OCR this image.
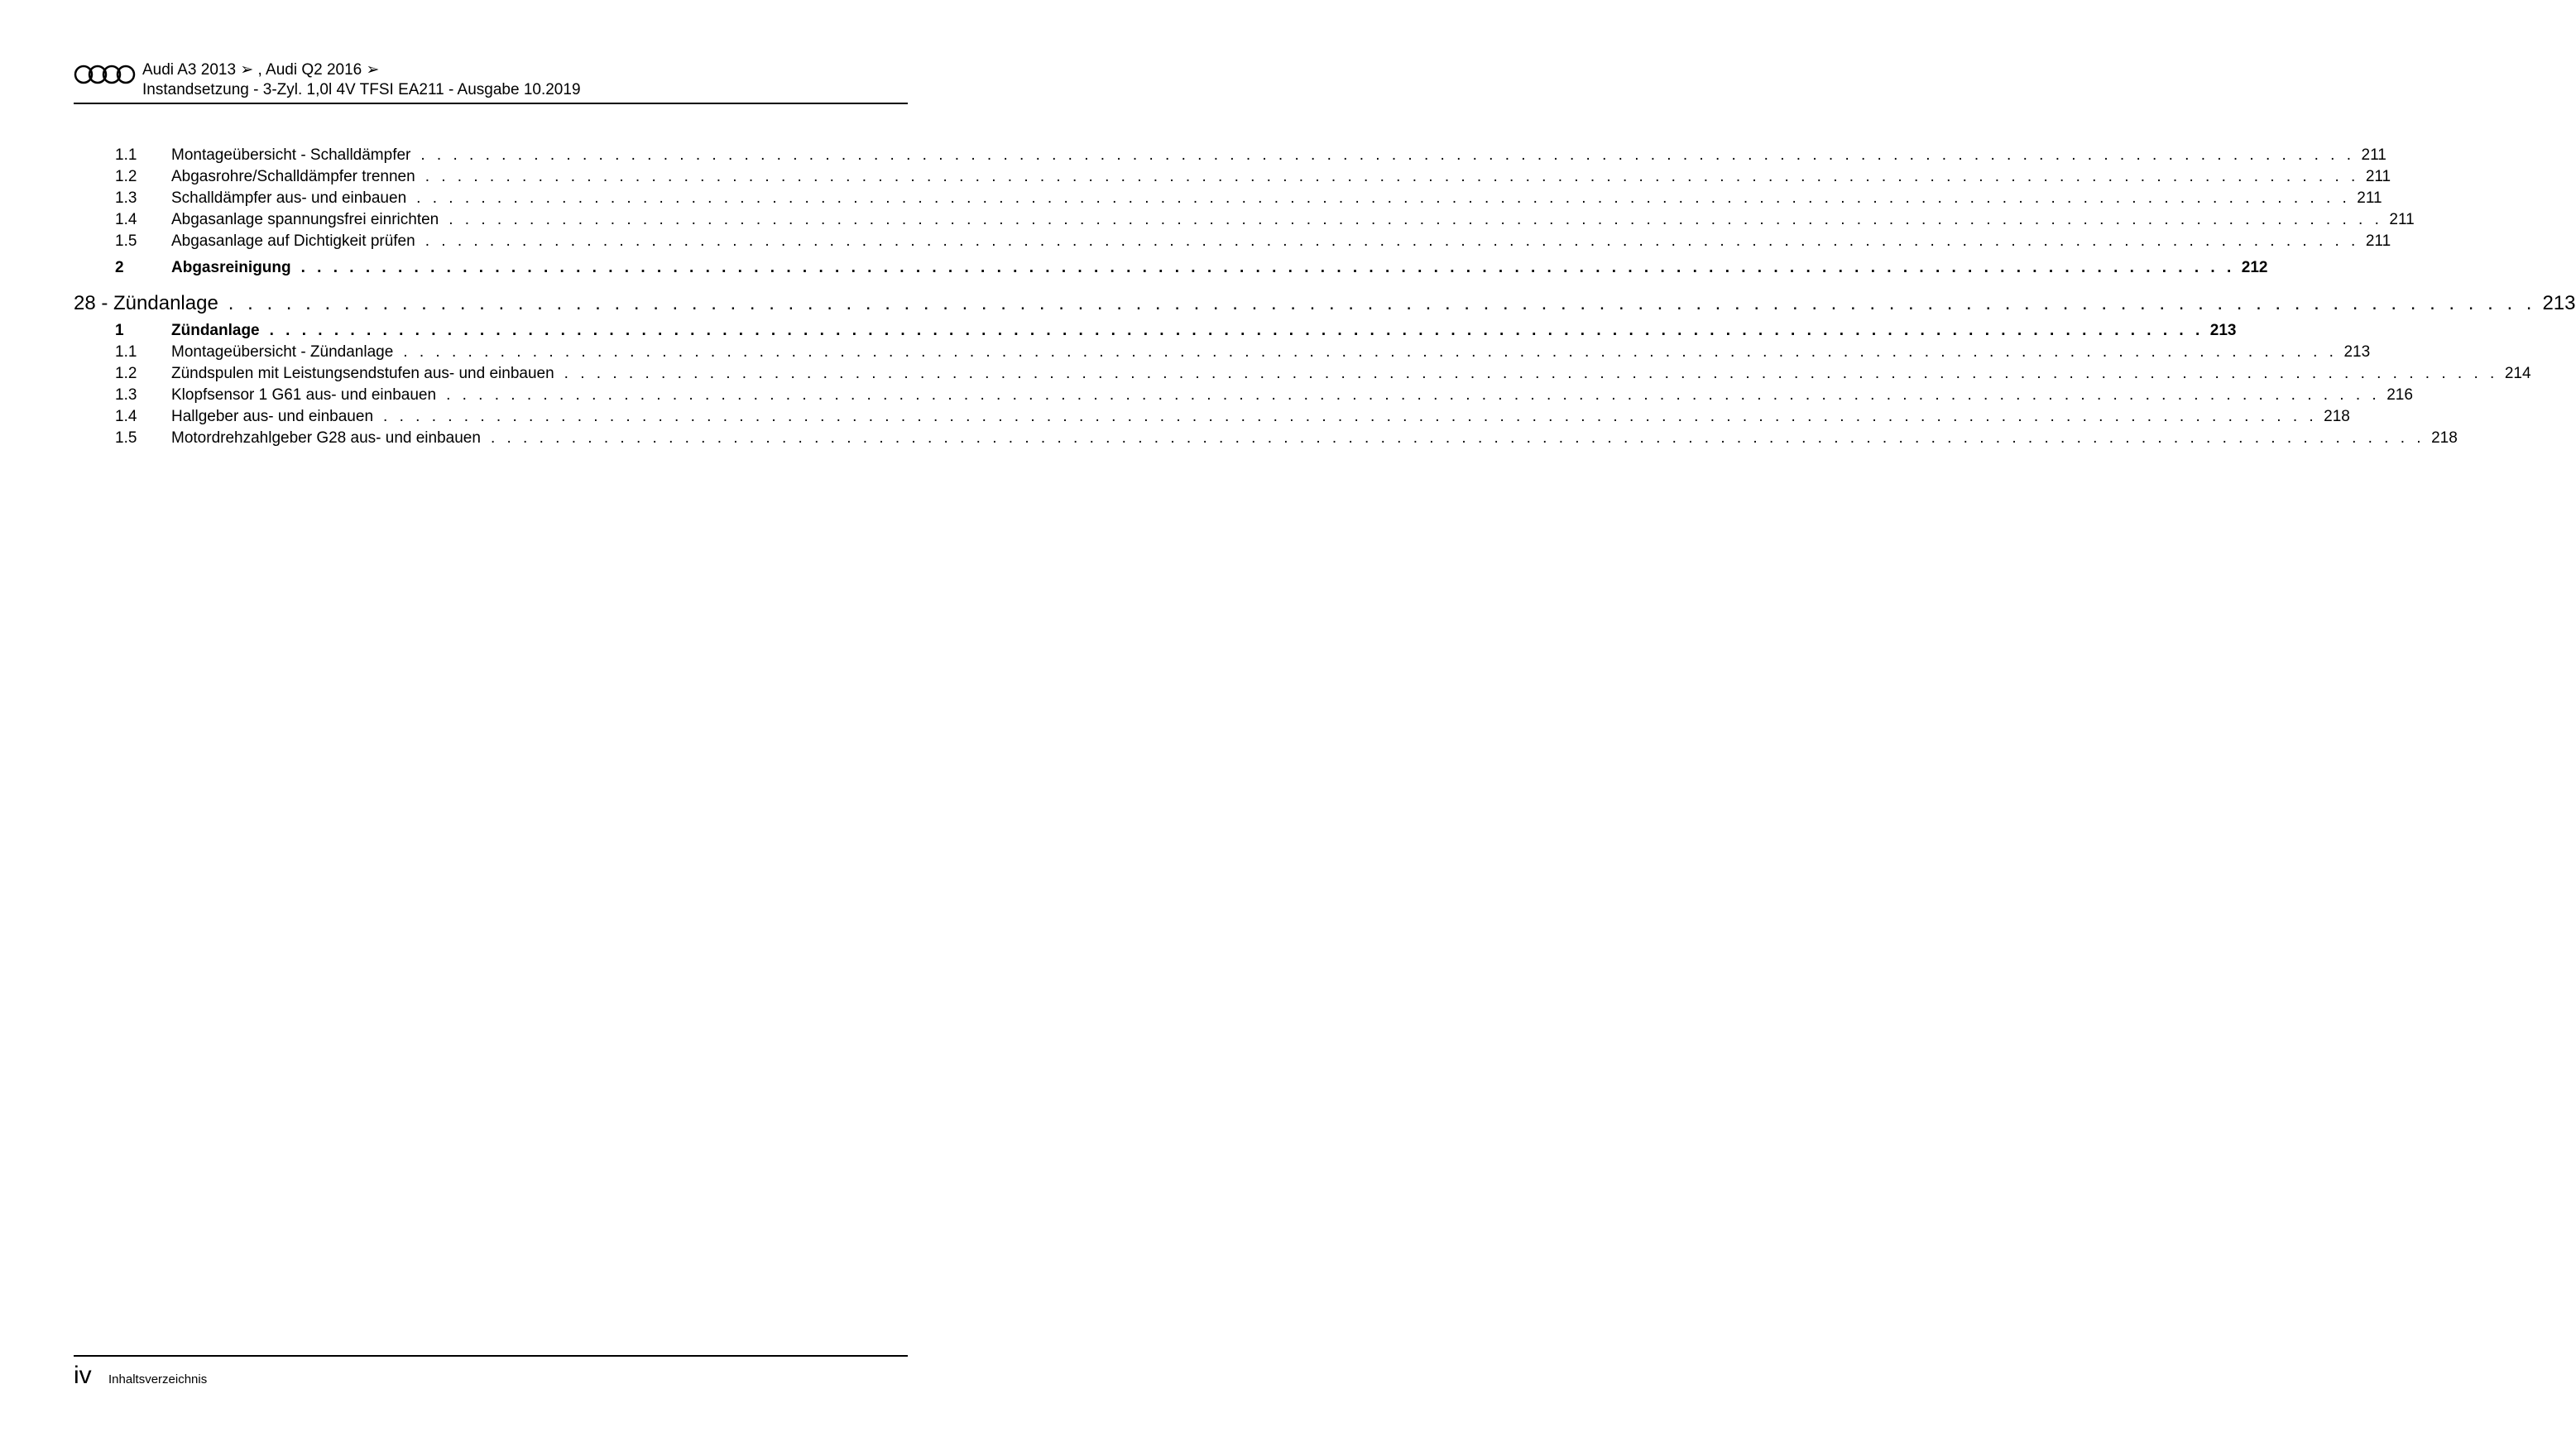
Audi A3 2013 ➢ , Audi Q2 2016 ➢
Instandsetzung - 3-Zyl. 1,0l 4V TFSI EA211 - Ausgabe 10.2019
1.1 Montageübersicht - Schalldämpfer . . . . . . . . . . . . . . . . . . . . . . . . . . . . . . . . . . . . . . . . . . . . . . . . . . . . . . . . . . . . . . . . . . . . . . . . . . . . . . . . . . . . . . . . . . . . . . . . . . . . . . . . . . . . . . . . . . . . . . . . 211
1.2 Abgasrohre/Schalldämpfer trennen . . . . . . . . . . . . . . . . . . . . . . . . . . . . . . . . . . . . . . . . . . . . . . . . . . . . . . . . . . . . . . . . . . . . . . . . . . . . . . . . . . . . . . . . . . . . . . . . . . . . . . . . . . . . . . . . . . . . . . . . 211
1.3 Schalldämpfer aus- und einbauen . . . . . . . . . . . . . . . . . . . . . . . . . . . . . . . . . . . . . . . . . . . . . . . . . . . . . . . . . . . . . . . . . . . . . . . . . . . . . . . . . . . . . . . . . . . . . . . . . . . . . . . . . . . . . . . . . . . . . . . . 211
1.4 Abgasanlage spannungsfrei einrichten . . . . . . . . . . . . . . . . . . . . . . . . . . . . . . . . . . . . . . . . . . . . . . . . . . . . . . . . . . . . . . . . . . . . . . . . . . . . . . . . . . . . . . . . . . . . . . . . . . . . . . . . . . . . . . . . . . . . . . . . 211
1.5 Abgasanlage auf Dichtigkeit prüfen . . . . . . . . . . . . . . . . . . . . . . . . . . . . . . . . . . . . . . . . . . . . . . . . . . . . . . . . . . . . . . . . . . . . . . . . . . . . . . . . . . . . . . . . . . . . . . . . . . . . . . . . . . . . . . . . . . . . . . . . 211
2	Abgasreinigung . . . . . . . . . . . . . . . . . . . . . . . . . . . . . . . . . . . . . . . . . . . . . . . . . . . . . . . . . . . . . . . . . . . . . . . . . . . . . . . . . . . . . . . . . . . . . . . . . . . . . . . . . . . . . . . . . . . . . . . . 212
28 - Zündanlage . . . . . . . . . . . . . . . . . . . . . . . . . . . . . . . . . . . . . . . . . . . . . . . . . . . . . . . . . . . . . . . . . . . . . . . . . . . . . . . . . . . . . . . . . . . . . . . . . . . . . . . . . . . . . . . . . . . . . . . . 213
1	Zündanlage . . . . . . . . . . . . . . . . . . . . . . . . . . . . . . . . . . . . . . . . . . . . . . . . . . . . . . . . . . . . . . . . . . . . . . . . . . . . . . . . . . . . . . . . . . . . . . . . . . . . . . . . . . . . . . . . . . . . . . . . 213
1.1 Montageübersicht - Zündanlage . . . . . . . . . . . . . . . . . . . . . . . . . . . . . . . . . . . . . . . . . . . . . . . . . . . . . . . . . . . . . . . . . . . . . . . . . . . . . . . . . . . . . . . . . . . . . . . . . . . . . . . . . . . . . . . . . . . . . . . . 213
1.2 Zündspulen mit Leistungsendstufen aus- und einbauen . . . . . . . . . . . . . . . . . . . . . . . . . . . . . . . . . . . . . . . . . . . . . . . . . . . . . . . . . . . . . . . . . . . . . . . . . . . . . . . . . . . . . . . . . . . . . . . . . . . . . . . . . . . . . . . . . . . . . . . . 214
1.3 Klopfsensor 1 G61 aus- und einbauen . . . . . . . . . . . . . . . . . . . . . . . . . . . . . . . . . . . . . . . . . . . . . . . . . . . . . . . . . . . . . . . . . . . . . . . . . . . . . . . . . . . . . . . . . . . . . . . . . . . . . . . . . . . . . . . . . . . . . . . . 216
1.4 Hallgeber aus- und einbauen . . . . . . . . . . . . . . . . . . . . . . . . . . . . . . . . . . . . . . . . . . . . . . . . . . . . . . . . . . . . . . . . . . . . . . . . . . . . . . . . . . . . . . . . . . . . . . . . . . . . . . . . . . . . . . . . . . . . . . . . 218
1.5 Motordrehzahlgeber G28 aus- und einbauen . . . . . . . . . . . . . . . . . . . . . . . . . . . . . . . . . . . . . . . . . . . . . . . . . . . . . . . . . . . . . . . . . . . . . . . . . . . . . . . . . . . . . . . . . . . . . . . . . . . . . . . . . . . . . . . . . . . . . . . . 218
iv Inhaltsverzeichnis
